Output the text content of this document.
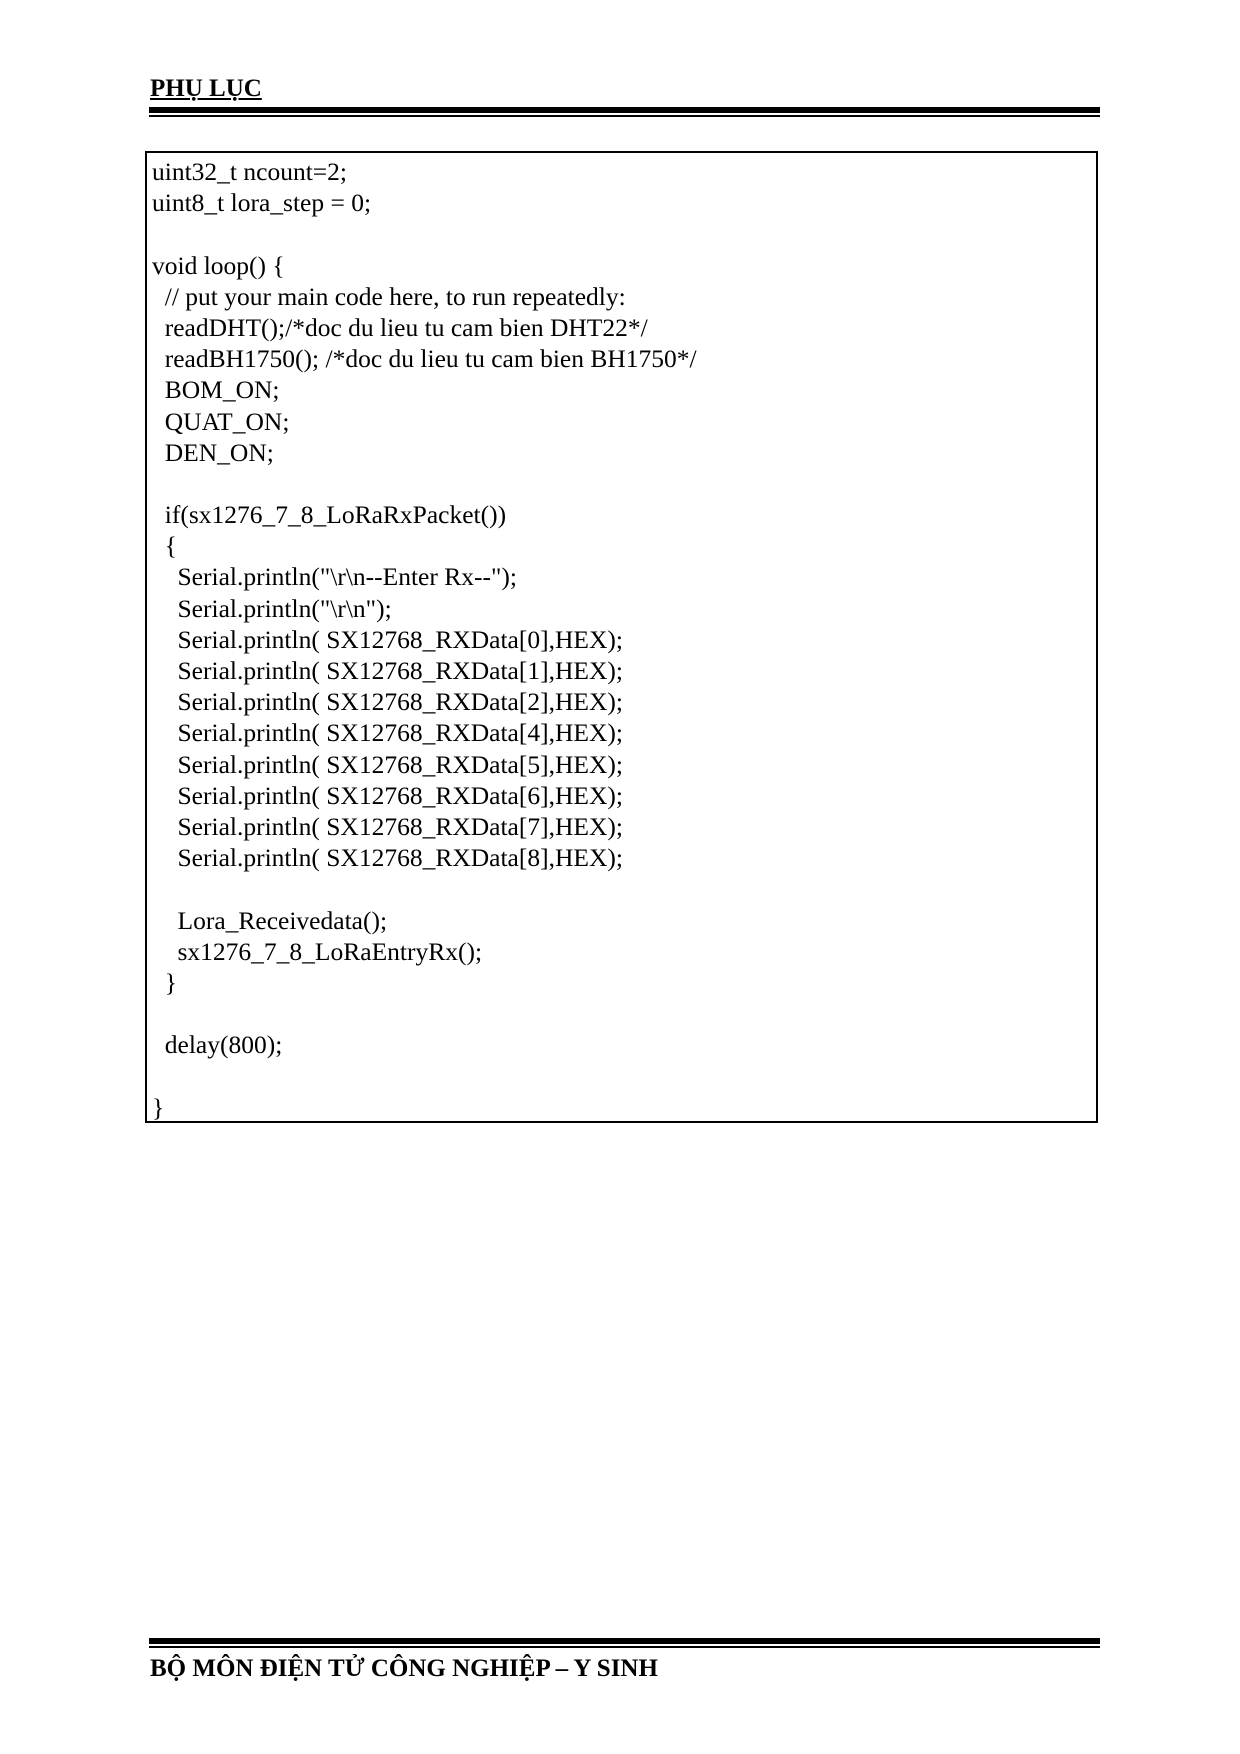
PHỤ LỤC
uint32_t ncount=2;
uint8_t lora_step = 0;
void loop() {
// put your main code here, to run repeatedly:
readDHT();/*doc du lieu tu cam bien DHT22*/
readBH1750(); /*doc du lieu tu cam bien BH1750*/
BOM_ON;
QUAT_ON;
DEN_ON;
if(sx1276_7_8_LoRaRxPacket())
{
Serial.println("\r\n--Enter Rx--");
Serial.println("\r\n");
Serial.println( SX12768_RXData[0],HEX);
Serial.println( SX12768_RXData[1],HEX);
Serial.println( SX12768_RXData[2],HEX);
Serial.println( SX12768_RXData[4],HEX);
Serial.println( SX12768_RXData[5],HEX);
Serial.println( SX12768_RXData[6],HEX);
Serial.println( SX12768_RXData[7],HEX);
Serial.println( SX12768_RXData[8],HEX);
Lora_Receivedata();
sx1276_7_8_LoRaEntryRx();
}
delay(800);
}
BỘ MÔN ĐIỆN TỬ CÔNG NGHIỆP – Y SINH
